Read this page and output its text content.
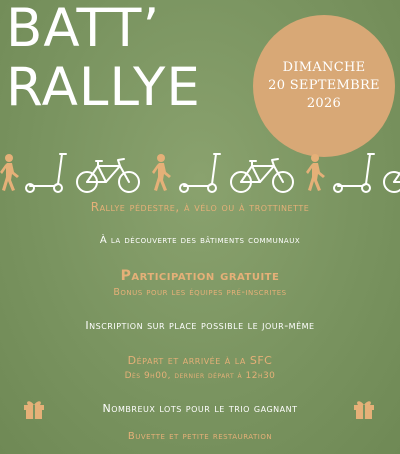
BATT’
RALLYE	DIMANCHE
20 SEPTEMBRE
2026
Rallye pédestre, à vélo ou à trottinette
À la découverte des bâtiments communaux
Participation gratuite
Bonus pour les équipes pré-inscrites
Inscription sur place possible le jour-même
Départ et arrivée à la SFC
Dès 9h00, dernier départ à 12h30
Nombreux lots pour le trio gagnant
Buvette et petite restauration
